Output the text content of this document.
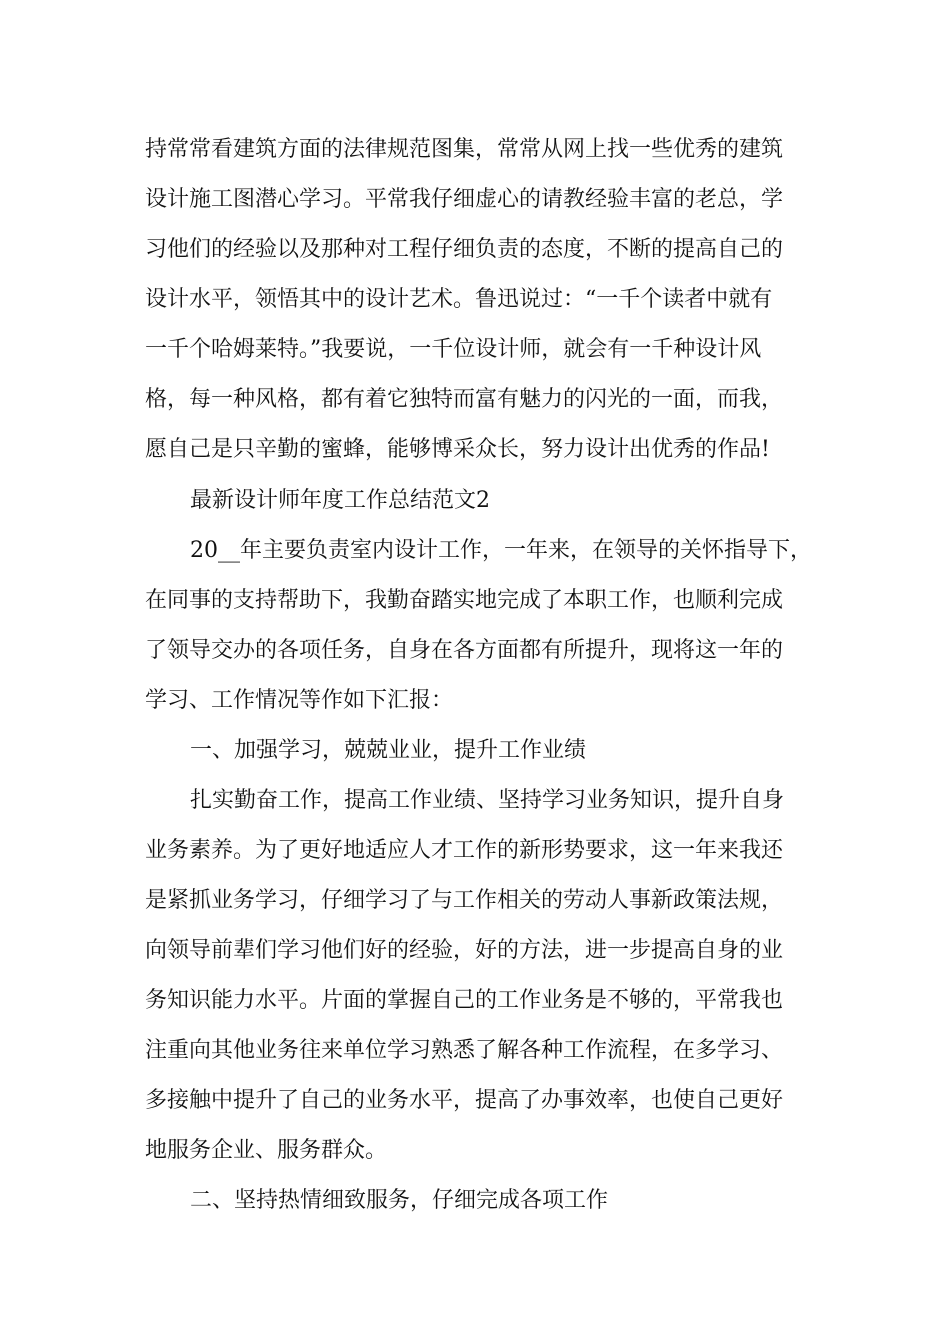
持常常看建筑方面的法律规范图集，常常从网上找一些优秀的建筑
设计施工图潜心学习。平常我仔细虚心的请教经验丰富的老总，学
习他们的经验以及那种对工程仔细负责的态度，不断的提高自己的
设计水平，领悟其中的设计艺术。鲁迅说过：“一千个读者中就有
一千个哈姆莱特。”我要说，一千位设计师，就会有一千种设计风
格，每一种风格，都有着它独特而富有魅力的闪光的一面，而我，
愿自己是只辛勤的蜜蜂，能够博采众长，努力设计出优秀的作品!
最新设计师年度工作总结范文2
20__年主要负责室内设计工作，一年来，在领导的关怀指导下，
在同事的支持帮助下，我勤奋踏实地完成了本职工作，也顺利完成
了领导交办的各项任务，自身在各方面都有所提升，现将这一年的
学习、工作情况等作如下汇报：
一、加强学习，兢兢业业，提升工作业绩
扎实勤奋工作，提高工作业绩、坚持学习业务知识，提升自身
业务素养。为了更好地适应人才工作的新形势要求，这一年来我还
是紧抓业务学习，仔细学习了与工作相关的劳动人事新政策法规，
向领导前辈们学习他们好的经验，好的方法，进一步提高自身的业
务知识能力水平。片面的掌握自己的工作业务是不够的，平常我也
注重向其他业务往来单位学习熟悉了解各种工作流程，在多学习、
多接触中提升了自己的业务水平，提高了办事效率，也使自己更好
地服务企业、服务群众。
二、坚持热情细致服务，仔细完成各项工作
